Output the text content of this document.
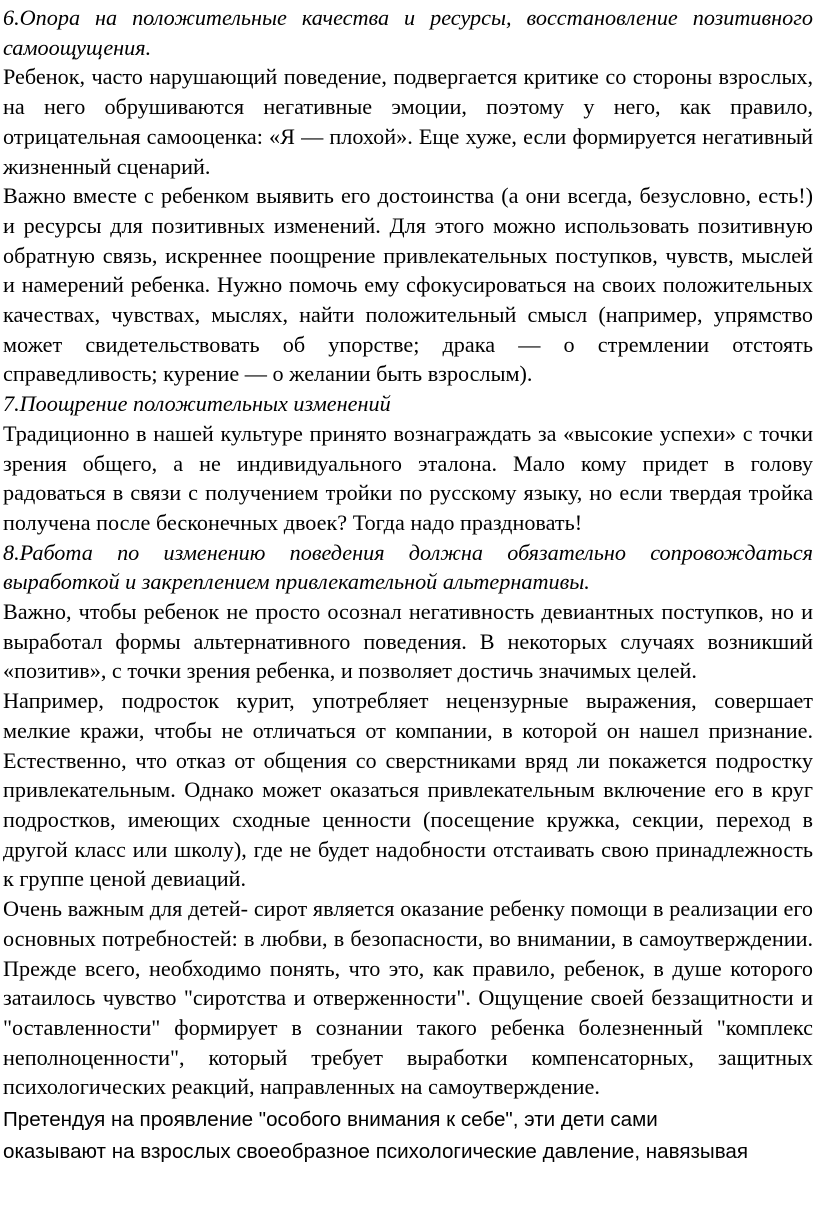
6.Опора на положительные качества и ресурсы, восстановление позитивного самоощущения.

Ребенок, часто нарушающий поведение, подвергается критике со стороны взрослых, на него обрушиваются негативные эмоции, поэтому у него, как правило, отрицательная самооценка: «Я — плохой». Еще хуже, если формируется негативный жизненный сценарий.

Важно вместе с ребенком выявить его достоинства (а они всегда, безусловно, есть!) и ресурсы для позитивных изменений. Для этого можно использовать позитивную обратную связь, искреннее поощрение привлекательных поступков, чувств, мыслей и намерений ребенка. Нужно помочь ему сфокусироваться на своих положительных качествах, чувствах, мыслях, найти положительный смысл (например, упрямство может свидетельствовать об упорстве; драка — о стремлении отстоять справедливость; курение — о желании быть взрослым).

7.Поощрение положительных изменений

Традиционно в нашей культуре принято вознаграждать за «высокие успехи» с точки зрения общего, а не индивидуального эталона. Мало кому придет в голову радоваться в связи с получением тройки по русскому языку, но если твердая тройка получена после бесконечных двоек? Тогда надо праздновать!

8.Работа по изменению поведения должна обязательно сопровождаться выработкой и закреплением привлекательной альтернативы.

Важно, чтобы ребенок не просто осознал негативность девиантных поступков, но и выработал формы альтернативного поведения. В некоторых случаях возникший «позитив», с точки зрения ребенка, и позволяет достичь значимых целей.

Например, подросток курит, употребляет нецензурные выражения, совершает мелкие кражи, чтобы не отличаться от компании, в которой он нашел признание. Естественно, что отказ от общения со сверстниками вряд ли покажется подростку привлекательным. Однако может оказаться привлекательным включение его в круг подростков, имеющих сходные ценности (посещение кружка, секции, переход в другой класс или школу), где не будет надобности отстаивать свою принадлежность к группе ценой девиаций.

Очень важным для детей- сирот является оказание ребенку помощи в реализации его основных потребностей: в любви, в безопасности, во внимании, в самоутверждении. Прежде всего, необходимо понять, что это, как правило, ребенок, в душе которого затаилось чувство "сиротства и отверженности". Ощущение своей беззащитности и "оставленности" формирует в сознании такого ребенка болезненный "комплекс неполноценности", который требует выработки компенсаторных, защитных психологических реакций, направленных на самоутверждение.

Претендуя на проявление "особого внимания к себе", эти дети сами

оказывают на взрослых своеобразное психологические давление, навязывая
